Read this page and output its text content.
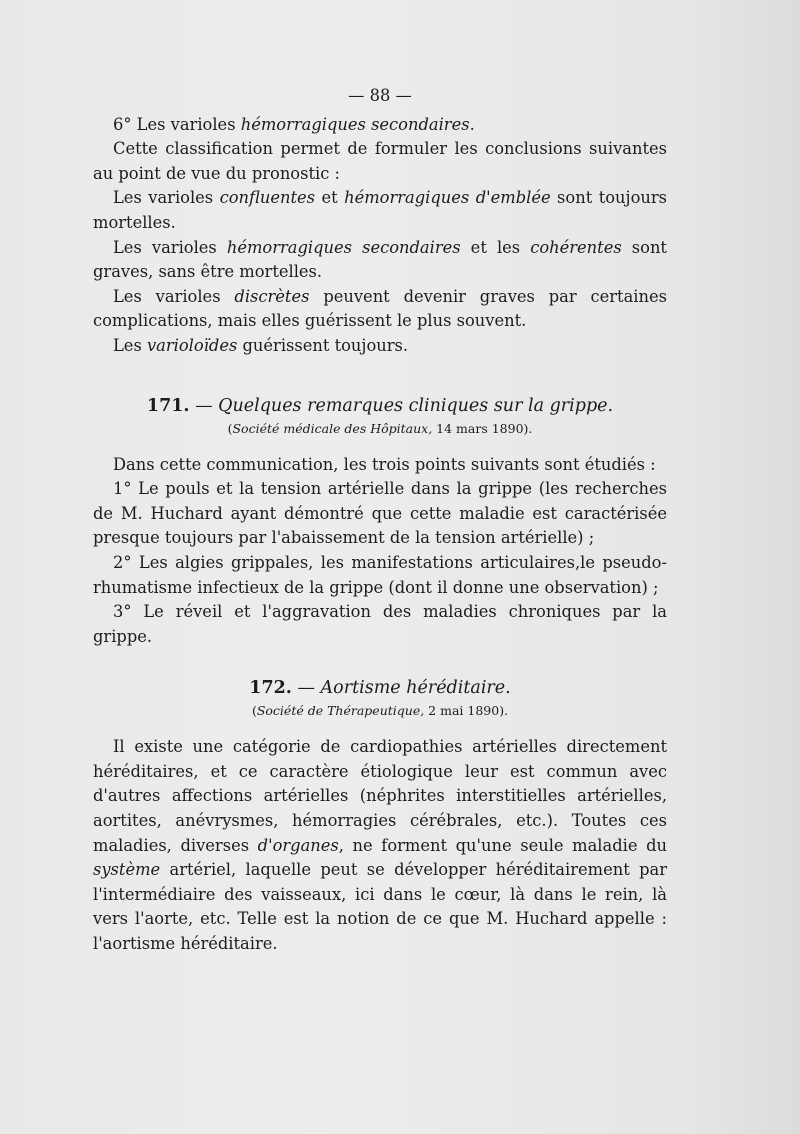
— 88 —

6° Les varioles hémorragiques secondaires.

Cette classification permet de formuler les conclusions suivantes au point de vue du pronostic :

Les varioles confluentes et hémorragiques d'emblée sont toujours mortelles.

Les varioles hémorragiques secondaires et les cohérentes sont graves, sans être mortelles.

Les varioles discrètes peuvent devenir graves par certaines complications, mais elles guérissent le plus souvent.

Les varioloïdes guérissent toujours.

171. — Quelques remarques cliniques sur la grippe.
(Société médicale des Hôpitaux, 14 mars 1890).

Dans cette communication, les trois points suivants sont étudiés :

1° Le pouls et la tension artérielle dans la grippe (les recherches de M. Huchard ayant démontré que cette maladie est caractérisée presque toujours par l'abaissement de la tension artérielle) ;

2° Les algies grippales, les manifestations articulaires,le pseudo-rhumatisme infectieux de la grippe (dont il donne une observation) ;

3° Le réveil et l'aggravation des maladies chroniques par la grippe.

172. — Aortisme héréditaire.
(Société de Thérapeutique, 2 mai 1890).

Il existe une catégorie de cardiopathies artérielles directement héréditaires, et ce caractère étiologique leur est commun avec d'autres affections artérielles (néphrites interstitielles artérielles, aortites, anévrysmes, hémorragies cérébrales, etc.). Toutes ces maladies, diverses d'organes, ne forment qu'une seule maladie du système artériel, laquelle peut se développer héréditairement par l'intermédiaire des vaisseaux, ici dans le cœur, là dans le rein, là vers l'aorte, etc. Telle est la notion de ce que M. Huchard appelle : l'aortisme héréditaire.
